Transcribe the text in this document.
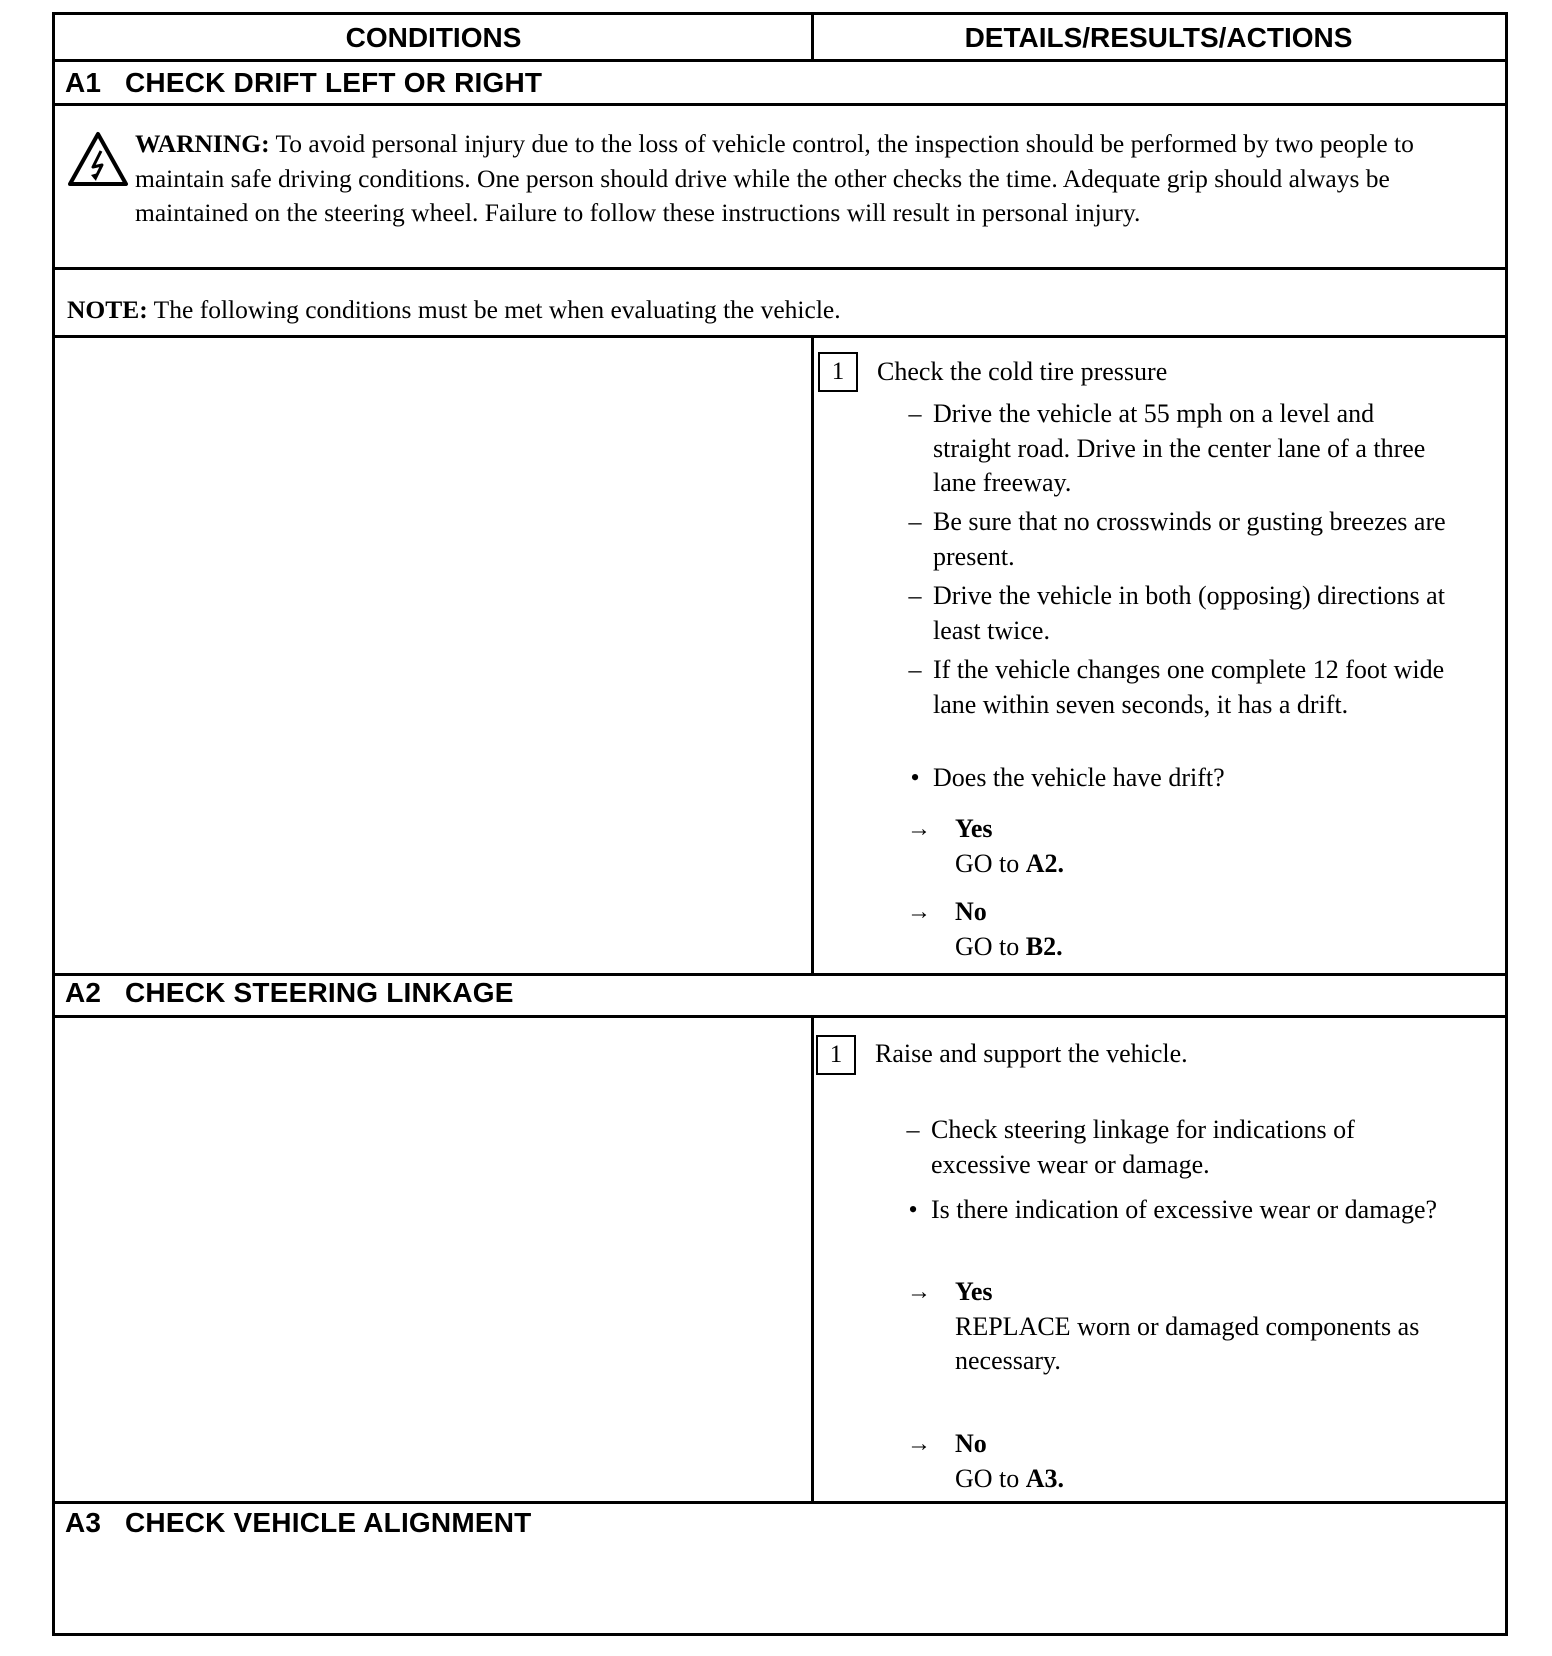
CONDITIONS	DETAILS/RESULTS/ACTIONS
A1 CHECK DRIFT LEFT OR RIGHT
WARNING: To avoid personal injury due to the loss of vehicle control, the inspection should be performed by two people to maintain safe driving conditions. One person should drive while the other checks the time. Adequate grip should always be maintained on the steering wheel. Failure to follow these instructions will result in personal injury.
NOTE: The following conditions must be met when evaluating the vehicle.
1	Check the cold tire pressure
– Drive the vehicle at 55 mph on a level and straight road. Drive in the center lane of a three lane freeway.
– Be sure that no crosswinds or gusting breezes are present.
– Drive the vehicle in both (opposing) directions at least twice.
– If the vehicle changes one complete 12 foot wide lane within seven seconds, it has a drift.
• Does the vehicle have drift?
→ Yes
GO to A2.
→ No
GO to B2.
A2 CHECK STEERING LINKAGE
1	Raise and support the vehicle.
– Check steering linkage for indications of excessive wear or damage.
• Is there indication of excessive wear or damage?
→ Yes
REPLACE worn or damaged components as necessary.
→ No
GO to A3.
A3 CHECK VEHICLE ALIGNMENT
